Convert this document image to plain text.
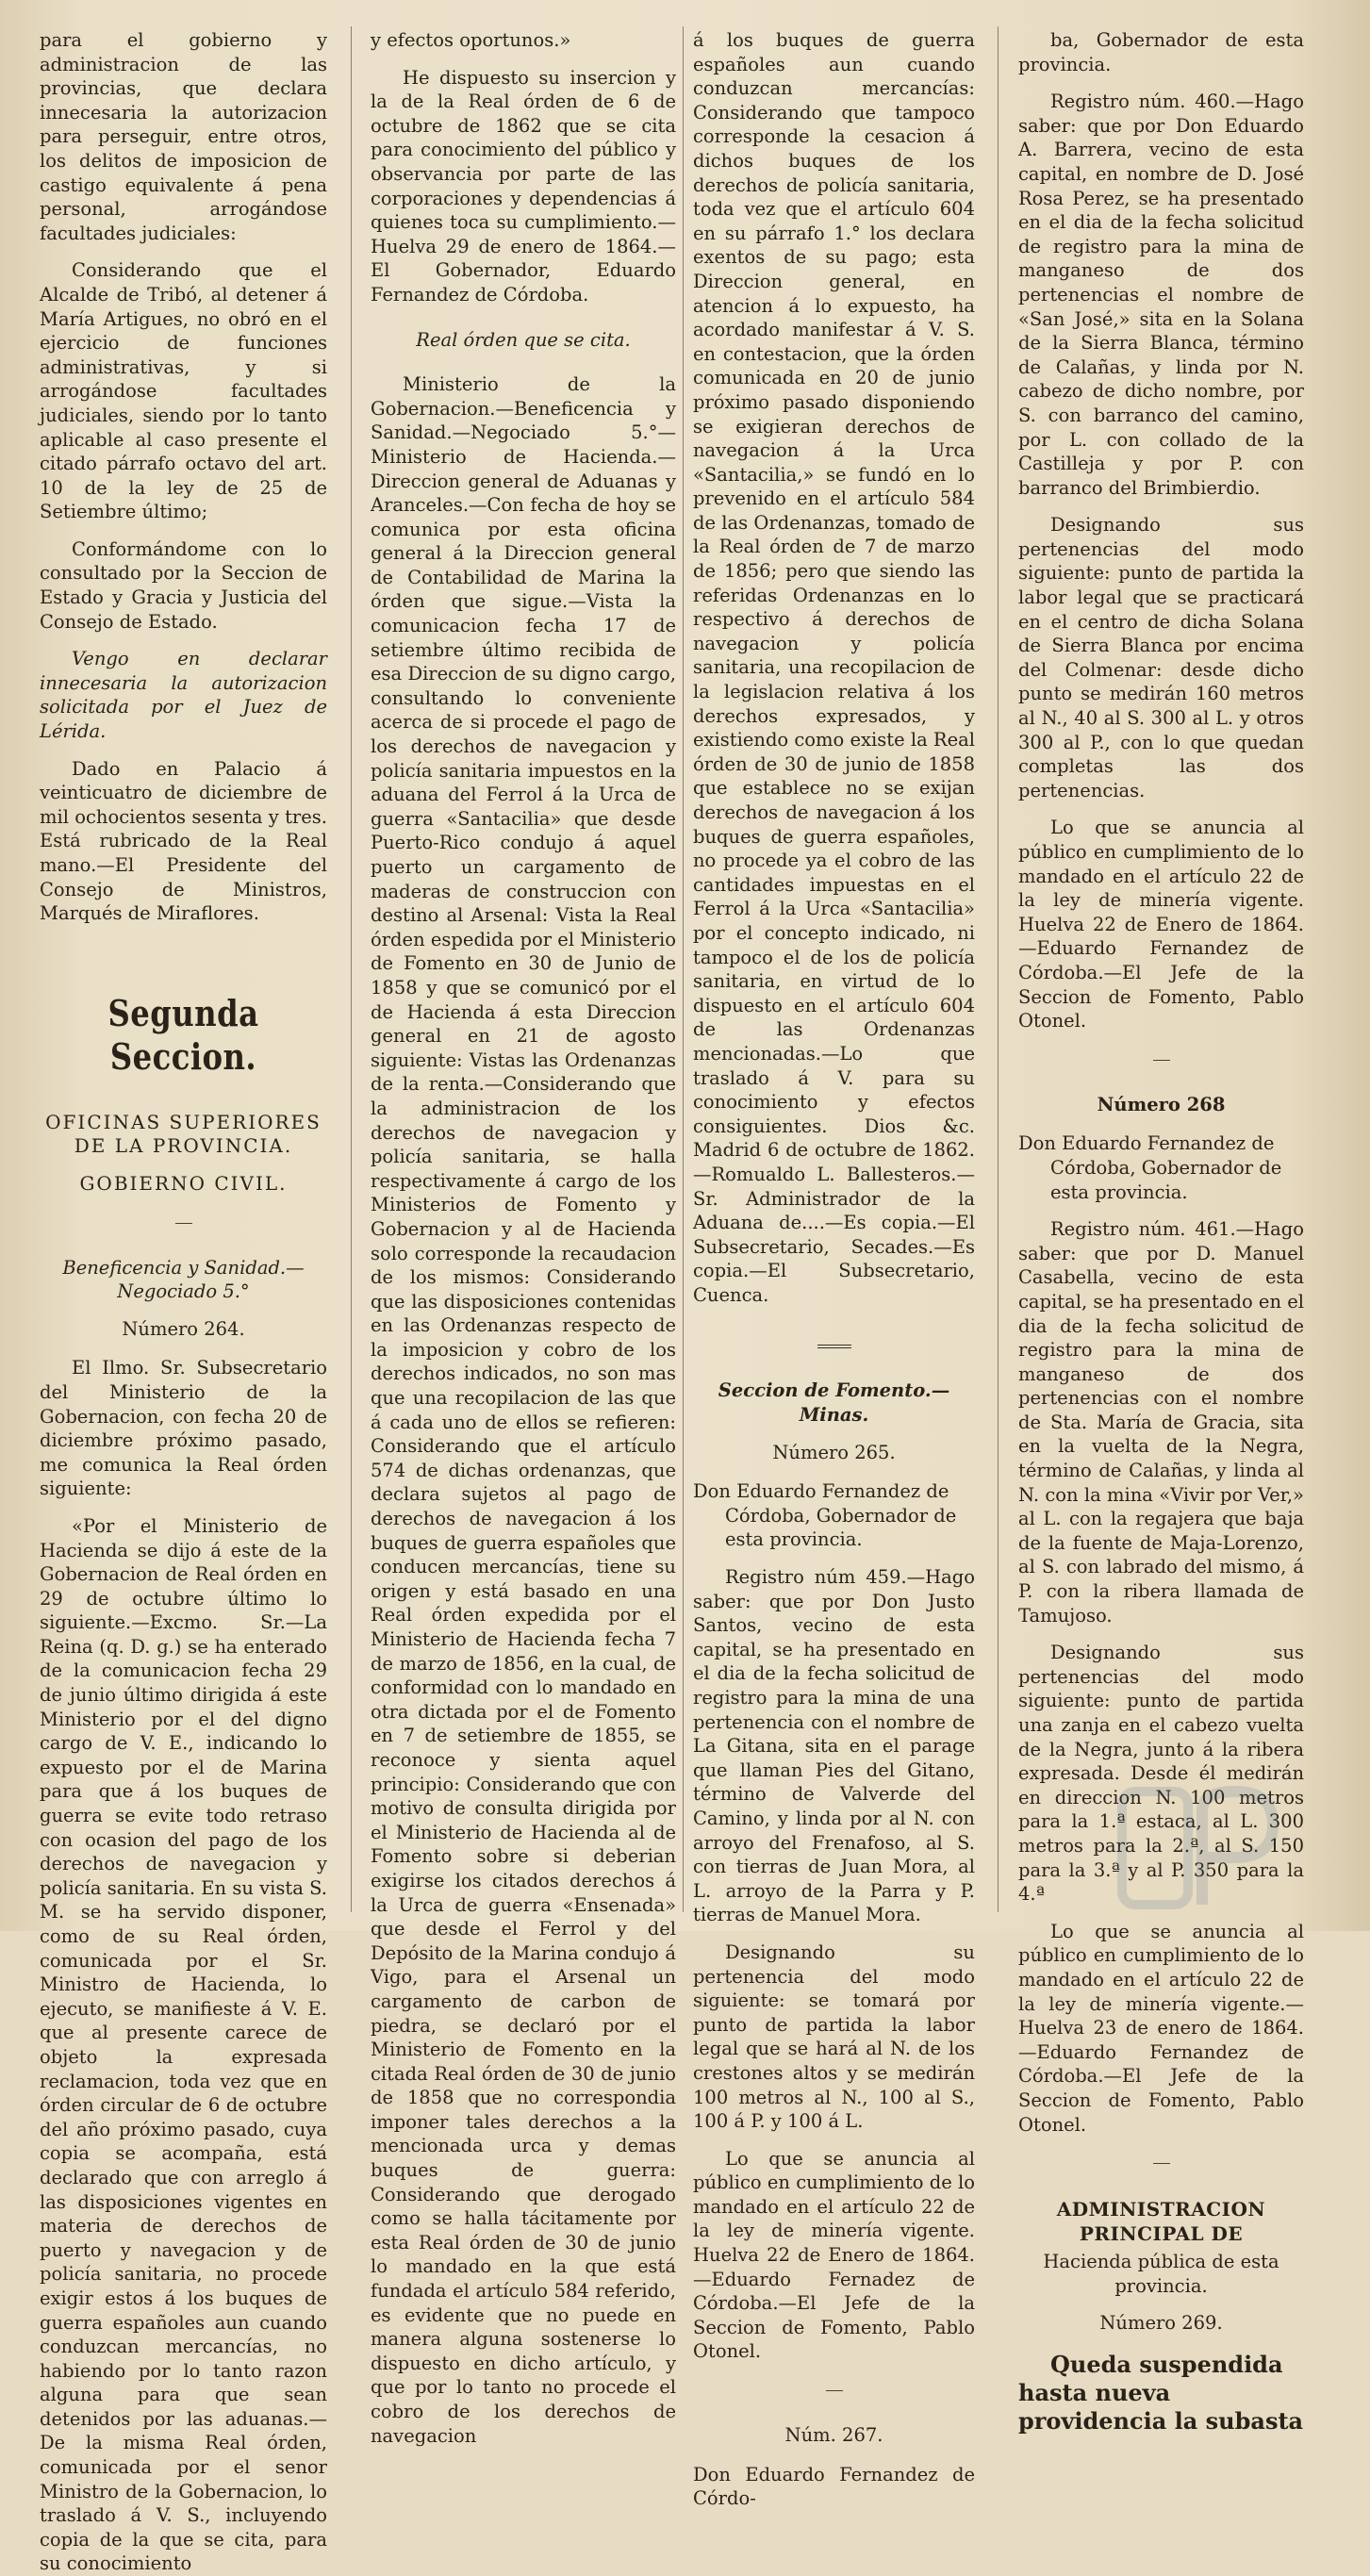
para el gobierno y administracion de las provincias, que declara innecesaria la autorizacion para perseguir, entre otros, los delitos de imposicion de castigo equivalente á pena personal, arrogándose facultades judiciales:

Considerando que el Alcalde de Tribó, al detener á María Artigues, no obró en el ejercicio de funciones administrativas, y si arrogándose facultades judiciales, siendo por lo tanto aplicable al caso presente el citado párrafo octavo del art. 10 de la ley de 25 de Setiembre último;

Conformándome con lo consultado por la Seccion de Estado y Gracia y Justicia del Consejo de Estado.

Vengo en declarar innecesaria la autorizacion solicitada por el Juez de Lérida.

Dado en Palacio á veinticuatro de diciembre de mil ochocientos sesenta y tres. Está rubricado de la Real mano.—El Presidente del Consejo de Ministros, Marqués de Miraflores.

Segunda Seccion.
OFICINAS SUPERIORES DE LA PROVINCIA.
GOBIERNO CIVIL.

Beneficencia y Sanidad.—Negociado 5.°

Número 264.

El Ilmo. Sr. Subsecretario del Ministerio de la Gobernacion, con fecha 20 de diciembre próximo pasado, me comunica la Real órden siguiente:

«Por el Ministerio de Hacienda se dijo á este de la Gobernacion de Real órden en 29 de octubre último lo siguiente.—Excmo. Sr.—La Reina (q. D. g.) se ha enterado de la comunicacion fecha 29 de junio último dirigida á este Ministerio por el del digno cargo de V. E., indicando lo expuesto por el de Marina para que á los buques de guerra se evite todo retraso con ocasion del pago de los derechos de navegacion y policía sanitaria. En su vista S. M. se ha servido disponer, como de su Real órden, comunicada por el Sr. Ministro de Hacienda, lo ejecuto, se manifieste á V. E. que al presente carece de objeto la expresada reclamacion, toda vez que en órden circular de 6 de octubre del año próximo pasado, cuya copia se acompaña, está declarado que con arreglo á las disposiciones vigentes en materia de derechos de puerto y navegacion y de policía sanitaria, no procede exigir estos á los buques de guerra españoles aun cuando conduzcan mercancías, no habiendo por lo tanto razon alguna para que sean detenidos por las aduanas.—De la misma Real órden, comunicada por el senor Ministro de la Gobernacion, lo traslado á V. S., incluyendo copia de la que se cita, para su conocimiento

y efectos oportunos.»

He dispuesto su insercion y la de la Real órden de 6 de octubre de 1862 que se cita para conocimiento del público y observancia por parte de las corporaciones y dependencias á quienes toca su cumplimiento.—Huelva 29 de enero de 1864.—El Gobernador, Eduardo Fernandez de Córdoba.

Real órden que se cita.

Ministerio de la Gobernacion.—Beneficencia y Sanidad.—Negociado 5.°—Ministerio de Hacienda.—Direccion general de Aduanas y Aranceles.—Con fecha de hoy se comunica por esta oficina general á la Direccion general de Contabilidad de Marina la órden que sigue.—Vista la comunicacion fecha 17 de setiembre último recibida de esa Direccion de su digno cargo, consultando lo conveniente acerca de si procede el pago de los derechos de navegacion y policía sanitaria impuestos en la aduana del Ferrol á la Urca de guerra «Santacilia» que desde Puerto-Rico condujo á aquel puerto un cargamento de maderas de construccion con destino al Arsenal: Vista la Real órden espedida por el Ministerio de Fomento en 30 de Junio de 1858 y que se comunicó por el de Hacienda á esta Direccion general en 21 de agosto siguiente: Vistas las Ordenanzas de la renta.—Considerando que la administracion de los derechos de navegacion y policía sanitaria, se halla respectivamente á cargo de los Ministerios de Fomento y Gobernacion y al de Hacienda solo corresponde la recaudacion de los mismos: Considerando que las disposiciones contenidas en las Ordenanzas respecto de la imposicion y cobro de los derechos indicados, no son mas que una recopilacion de las que á cada uno de ellos se refieren: Considerando que el artículo 574 de dichas ordenanzas, que declara sujetos al pago de derechos de navegacion á los buques de guerra españoles que conducen mercancías, tiene su origen y está basado en una Real órden expedida por el Ministerio de Hacienda fecha 7 de marzo de 1856, en la cual, de conformidad con lo mandado en otra dictada por el de Fomento en 7 de setiembre de 1855, se reconoce y sienta aquel principio: Considerando que con motivo de consulta dirigida por el Ministerio de Hacienda al de Fomento sobre si deberian exigirse los citados derechos á la Urca de guerra «Ensenada» que desde el Ferrol y del Depósito de la Marina condujo á Vigo, para el Arsenal un cargamento de carbon de piedra, se declaró por el Ministerio de Fomento en la citada Real órden de 30 de junio de 1858 que no correspondia imponer tales derechos a la mencionada urca y demas buques de guerra: Considerando que derogado como se halla tácitamente por esta Real órden de 30 de junio lo mandado en la que está fundada el artículo 584 referido, es evidente que no puede en manera alguna sostenerse lo dispuesto en dicho artículo, y que por lo tanto no procede el cobro de los derechos de navegacion

á los buques de guerra españoles aun cuando conduzcan mercancías: Considerando que tampoco corresponde la cesacion á dichos buques de los derechos de policía sanitaria, toda vez que el artículo 604 en su párrafo 1.° los declara exentos de su pago; esta Direccion general, en atencion á lo expuesto, ha acordado manifestar á V. S. en contestacion, que la órden comunicada en 20 de junio próximo pasado disponiendo se exigieran derechos de navegacion á la Urca «Santacilia,» se fundó en lo prevenido en el artículo 584 de las Ordenanzas, tomado de la Real órden de 7 de marzo de 1856; pero que siendo las referidas Ordenanzas en lo respectivo á derechos de navegacion y policía sanitaria, una recopilacion de la legislacion relativa á los derechos expresados, y existiendo como existe la Real órden de 30 de junio de 1858 que establece no se exijan derechos de navegacion á los buques de guerra españoles, no procede ya el cobro de las cantidades impuestas en el Ferrol á la Urca «Santacilia» por el concepto indicado, ni tampoco el de los de policía sanitaria, en virtud de lo dispuesto en el artículo 604 de las Ordenanzas mencionadas.—Lo que traslado á V. para su conocimiento y efectos consiguientes. Dios &c. Madrid 6 de octubre de 1862.—Romualdo L. Ballesteros.—Sr. Administrador de la Aduana de....—Es copia.—El Subsecretario, Secades.—Es copia.—El Subsecretario, Cuenca.

Seccion de Fomento.—Minas.

Número 265.

Don Eduardo Fernandez de Córdoba, Gobernador de esta provincia.

Registro núm 459.—Hago saber: que por Don Justo Santos, vecino de esta capital, se ha presentado en el dia de la fecha solicitud de registro para la mina de una pertenencia con el nombre de La Gitana, sita en el parage que llaman Pies del Gitano, término de Valverde del Camino, y linda por al N. con arroyo del Frenafoso, al S. con tierras de Juan Mora, al L. arroyo de la Parra y P. tierras de Manuel Mora.

Designando su pertenencia del modo siguiente: se tomará por punto de partida la labor legal que se hará al N. de los crestones altos y se medirán 100 metros al N., 100 al S., 100 á P. y 100 á L.

Lo que se anuncia al público en cumplimiento de lo mandado en el artículo 22 de la ley de minería vigente. Huelva 22 de Enero de 1864.—Eduardo Fernadez de Córdoba.—El Jefe de la Seccion de Fomento, Pablo Otonel.

Núm. 267.

Don Eduardo Fernandez de Córdo-

ba, Gobernador de esta provincia.

Registro núm. 460.—Hago saber: que por Don Eduardo A. Barrera, vecino de esta capital, en nombre de D. José Rosa Perez, se ha presentado en el dia de la fecha solicitud de registro para la mina de manganeso de dos pertenencias el nombre de «San José,» sita en la Solana de la Sierra Blanca, término de Calañas, y linda por N. cabezo de dicho nombre, por S. con barranco del camino, por L. con collado de la Castilleja y por P. con barranco del Brimbierdio.

Designando sus pertenencias del modo siguiente: punto de partida la labor legal que se practicará en el centro de dicha Solana de Sierra Blanca por encima del Colmenar: desde dicho punto se medirán 160 metros al N., 40 al S. 300 al L. y otros 300 al P., con lo que quedan completas las dos pertenencias.

Lo que se anuncia al público en cumplimiento de lo mandado en el artículo 22 de la ley de minería vigente. Huelva 22 de Enero de 1864.—Eduardo Fernandez de Córdoba.—El Jefe de la Seccion de Fomento, Pablo Otonel.

Número 268

Don Eduardo Fernandez de Córdoba, Gobernador de esta provincia.

Registro núm. 461.—Hago saber: que por D. Manuel Casabella, vecino de esta capital, se ha presentado en el dia de la fecha solicitud de registro para la mina de manganeso de dos pertenencias con el nombre de Sta. María de Gracia, sita en la vuelta de la Negra, término de Calañas, y linda al N. con la mina «Vivir por Ver,» al L. con la regajera que baja de la fuente de Maja-Lorenzo, al S. con labrado del mismo, á P. con la ribera llamada de Tamujoso.

Designando sus pertenencias del modo siguiente: punto de partida una zanja en el cabezo vuelta de la Negra, junto á la ribera expresada. Desde él medirán en direccion N. 100 metros para la 1.ª estaca, al L. 300 metros para la 2.ª, al S. 150 para la 3.ª y al P. 350 para la 4.ª

Lo que se anuncia al público en cumplimiento de lo mandado en el artículo 22 de la ley de minería vigente.—Huelva 23 de enero de 1864.—Eduardo Fernandez de Córdoba.—El Jefe de la Seccion de Fomento, Pablo Otonel.

ADMINISTRACION PRINCIPAL DE

Hacienda pública de esta provincia.

Número 269.

Queda suspendida hasta nueva providencia la subasta
